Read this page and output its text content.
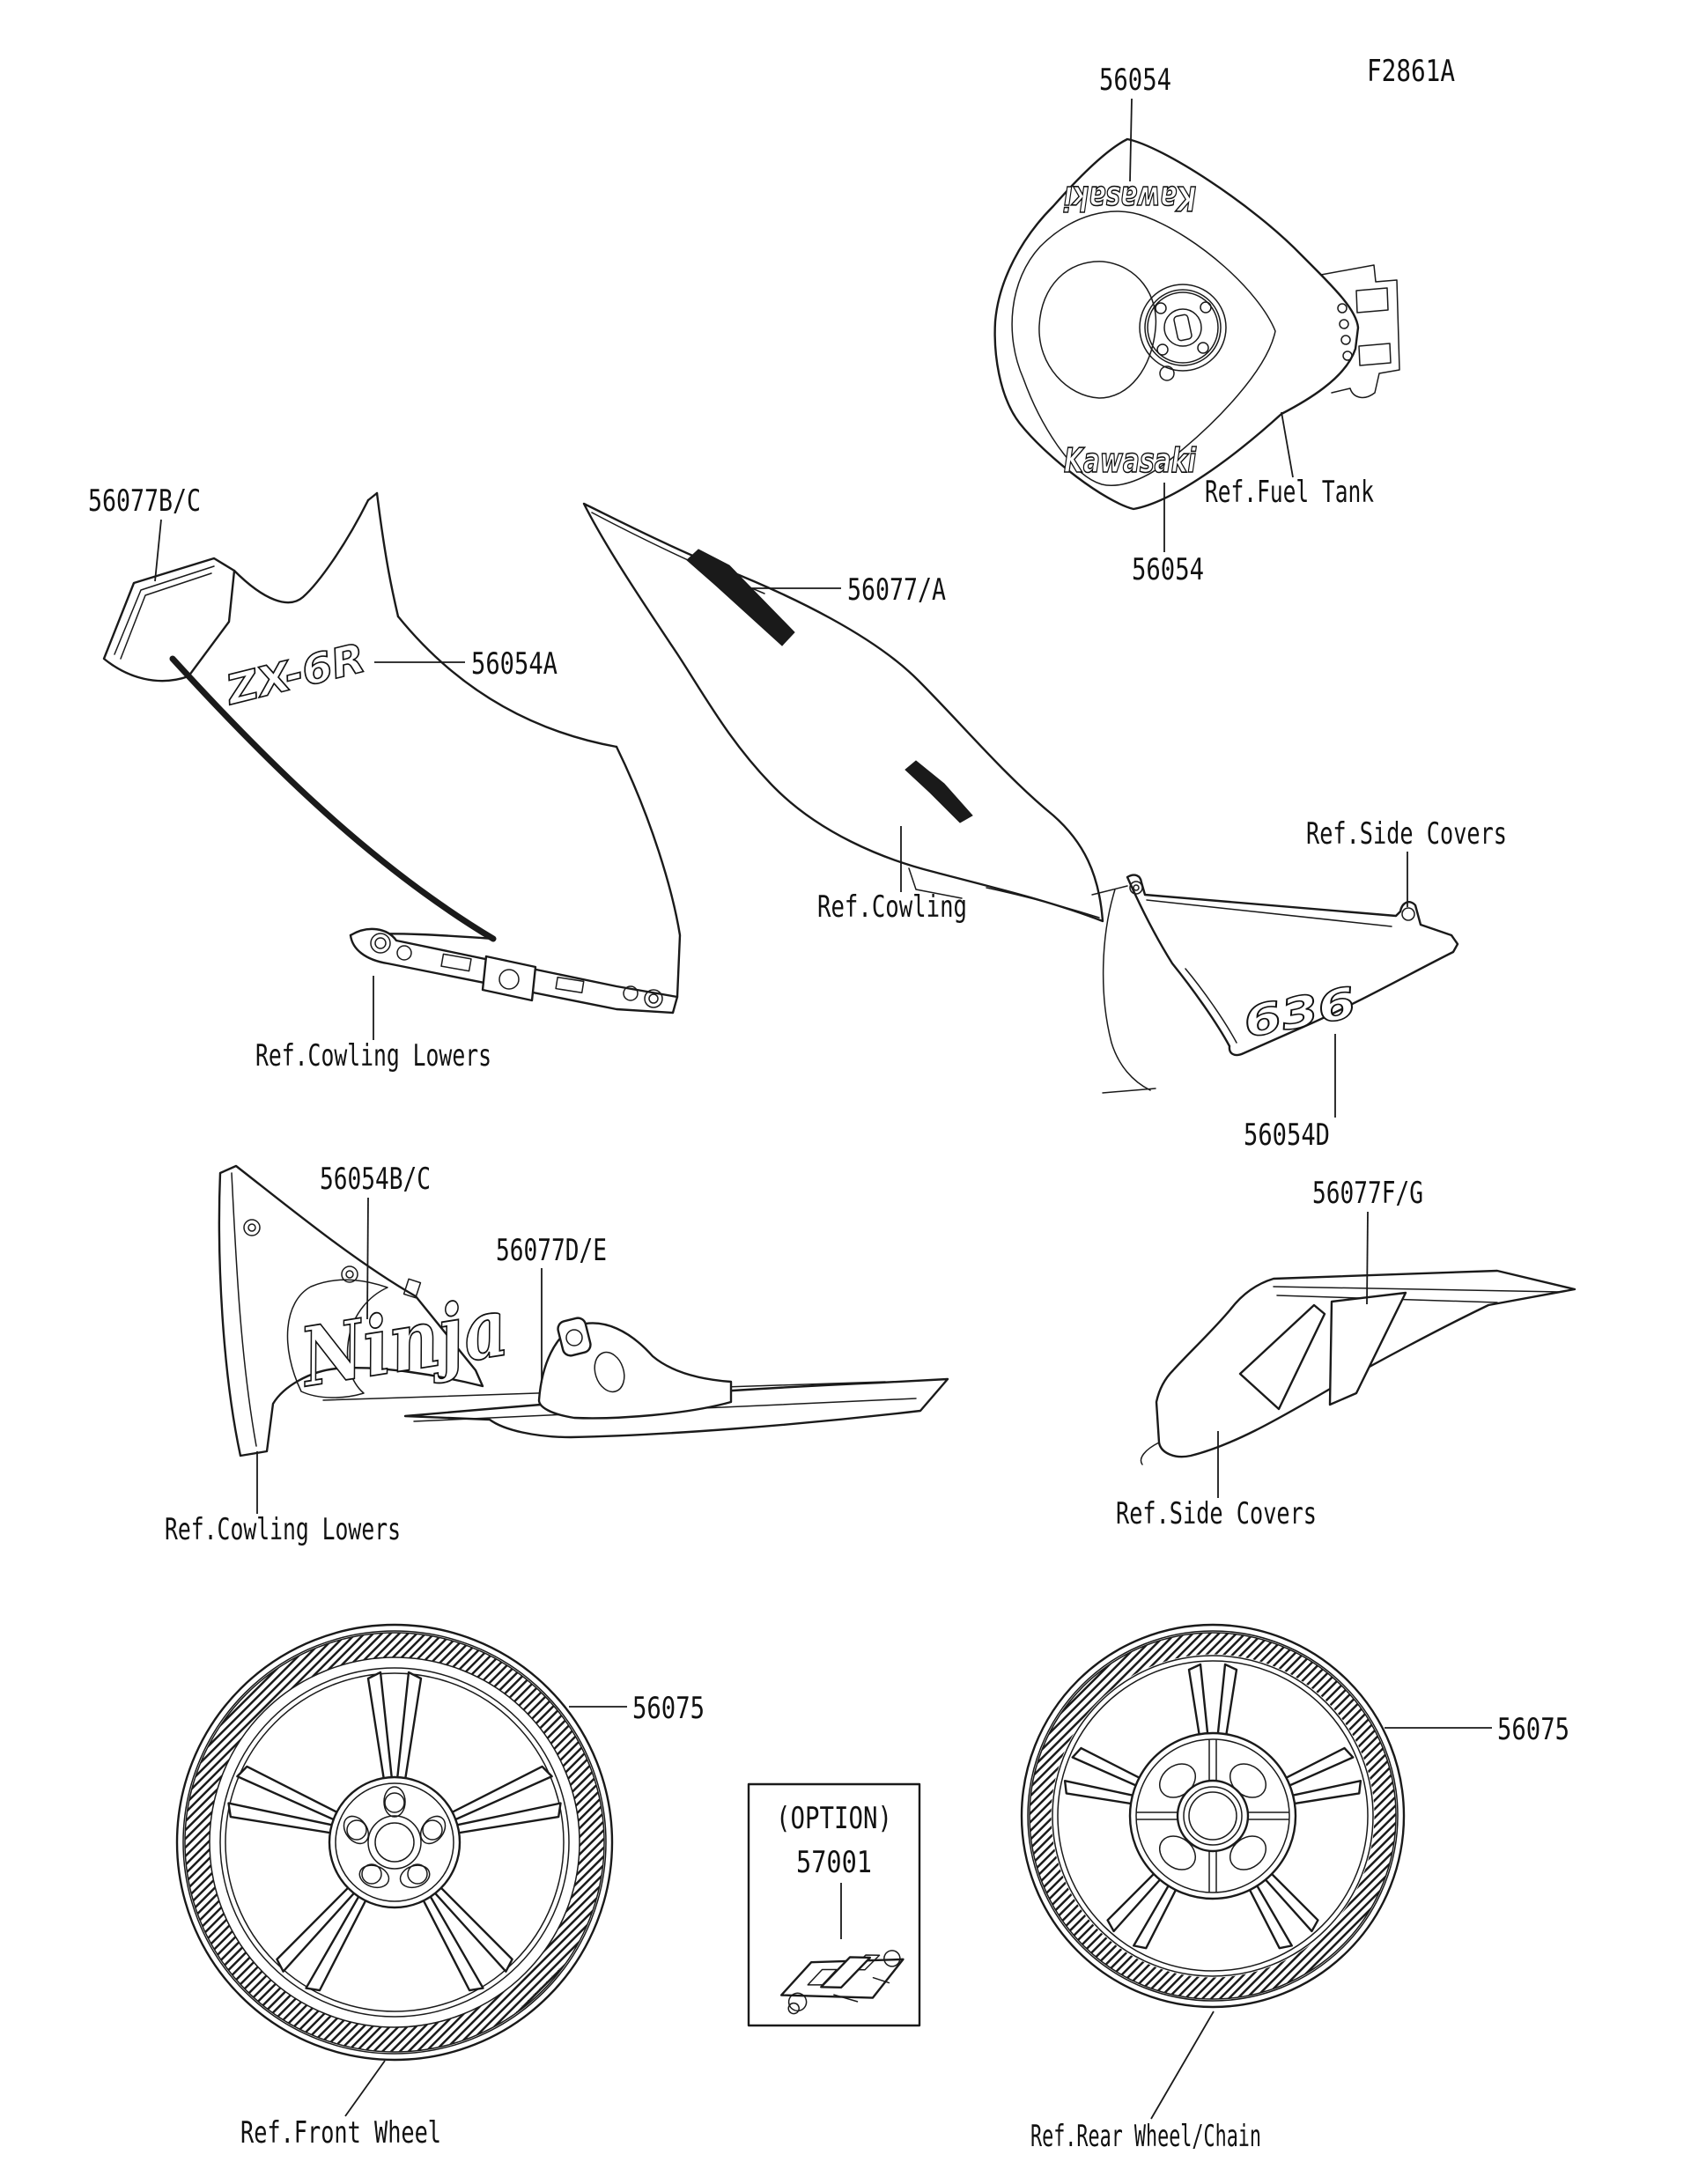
F2861A
Kawasaki
Kawasaki
56054
56054
Ref.Fuel Tank
ZX-6R
56077B/C
56054A
Ref.Cowling Lowers
56077/A
Ref.Cowling
636
Ref.Side Covers
56054D
Ninja
56054B/C
56077D/E
Ref.Cowling Lowers
56077F/G
Ref.Side Covers
56075
Ref.Front Wheel
56075
Ref.Rear Wheel/Chain
(OPTION)
57001
